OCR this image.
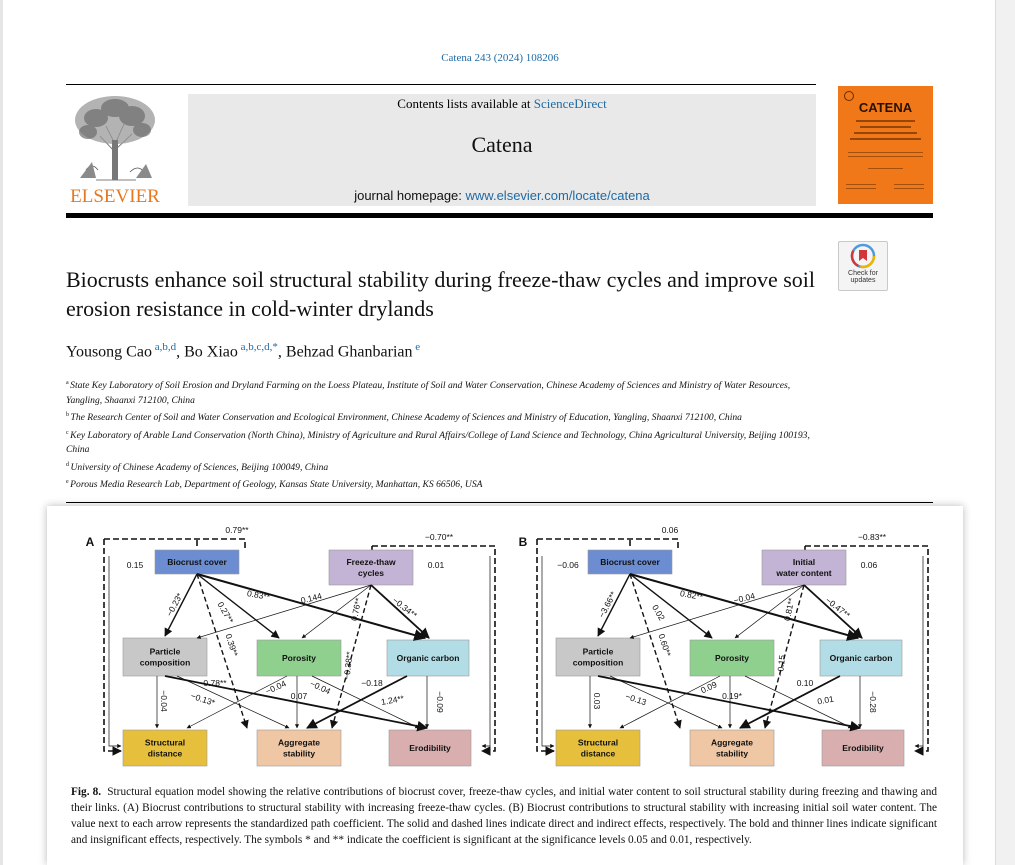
Catena 243 (2024) 108206
ELSEVIER
Contents lists available at ScienceDirect
Catena
journal homepage: www.elsevier.com/locate/catena
CATENA
Check for updates
Biocrusts enhance soil structural stability during freeze-thaw cycles and improve soil erosion resistance in cold-winter drylands
Yousong Cao $^{a,b,d}$, Bo Xiao $^{a,b,c,d,*}$, Behzad Ghanbarian $^e$

$^a$ State Key Laboratory of Soil Erosion and Dryland Farming on the Loess Plateau, Institute of Soil and Water Conservation, Chinese Academy of Sciences and Ministry of Water Resources, Yangling, Shaanxi 712100, China

$^b$ The Research Center of Soil and Water Conservation and Ecological Environment, Chinese Academy of Sciences and Ministry of Education, Yangling, Shaanxi 712100, China

$^c$ Key Laboratory of Arable Land Conservation (North China), Ministry of Agriculture and Rural Affairs/College of Land Science and Technology, China Agricultural University, Beijing 100193, China

$^d$ University of Chinese Academy of Sciences, Beijing 100049, China

$^e$ Porous Media Research Lab, Department of Geology, Kansas State University, Manhattan, KS 66506, USA

A
Biocrust cover	Freeze-thaw
cycles
Particle
composition	Porosity	Organic carbon
Structural
distance
Aggregate
stability
Erodibility
0.79**
−0.70**
0.15	0.01
0.83**	0.144
−0.23*	0.27**
0.39**
0.76**	−0.34**
−0.38**
−0.04
0.78**
−0.13*
−0.04 0.07 −0.04	−0.18
1.24**	−0.09
B
Biocrust cover	Initial
water content
Particle
composition	Porosity	Organic carbon
Structural
distance
Aggregate
stability
Erodibility
0.06
−0.83**
−0.06	0.06
0.82**	−0.04
−3.66**	0.02
0.60**
0.81**	−0.47**
−0.15
0.03	−0.13
0.09
0.19*
0.10
0.01	−0.28
Fig. 8. Structural equation model showing the relative contributions of biocrust cover, freeze-thaw cycles, and initial water content to soil structural stability during freezing and thawing and their links. (A) Biocrust contributions to structural stability with increasing freeze-thaw cycles. (B) Biocrust contributions to structural stability with increasing initial soil water content. The value next to each arrow represents the standardized path coefficient. The solid and dashed lines indicate direct and indirect effects, respectively. The bold and thinner lines indicate significant and insignificant effects, respectively. The symbols * and ** indicate the coefficient is significant at the significance levels 0.05 and 0.01, respectively.
